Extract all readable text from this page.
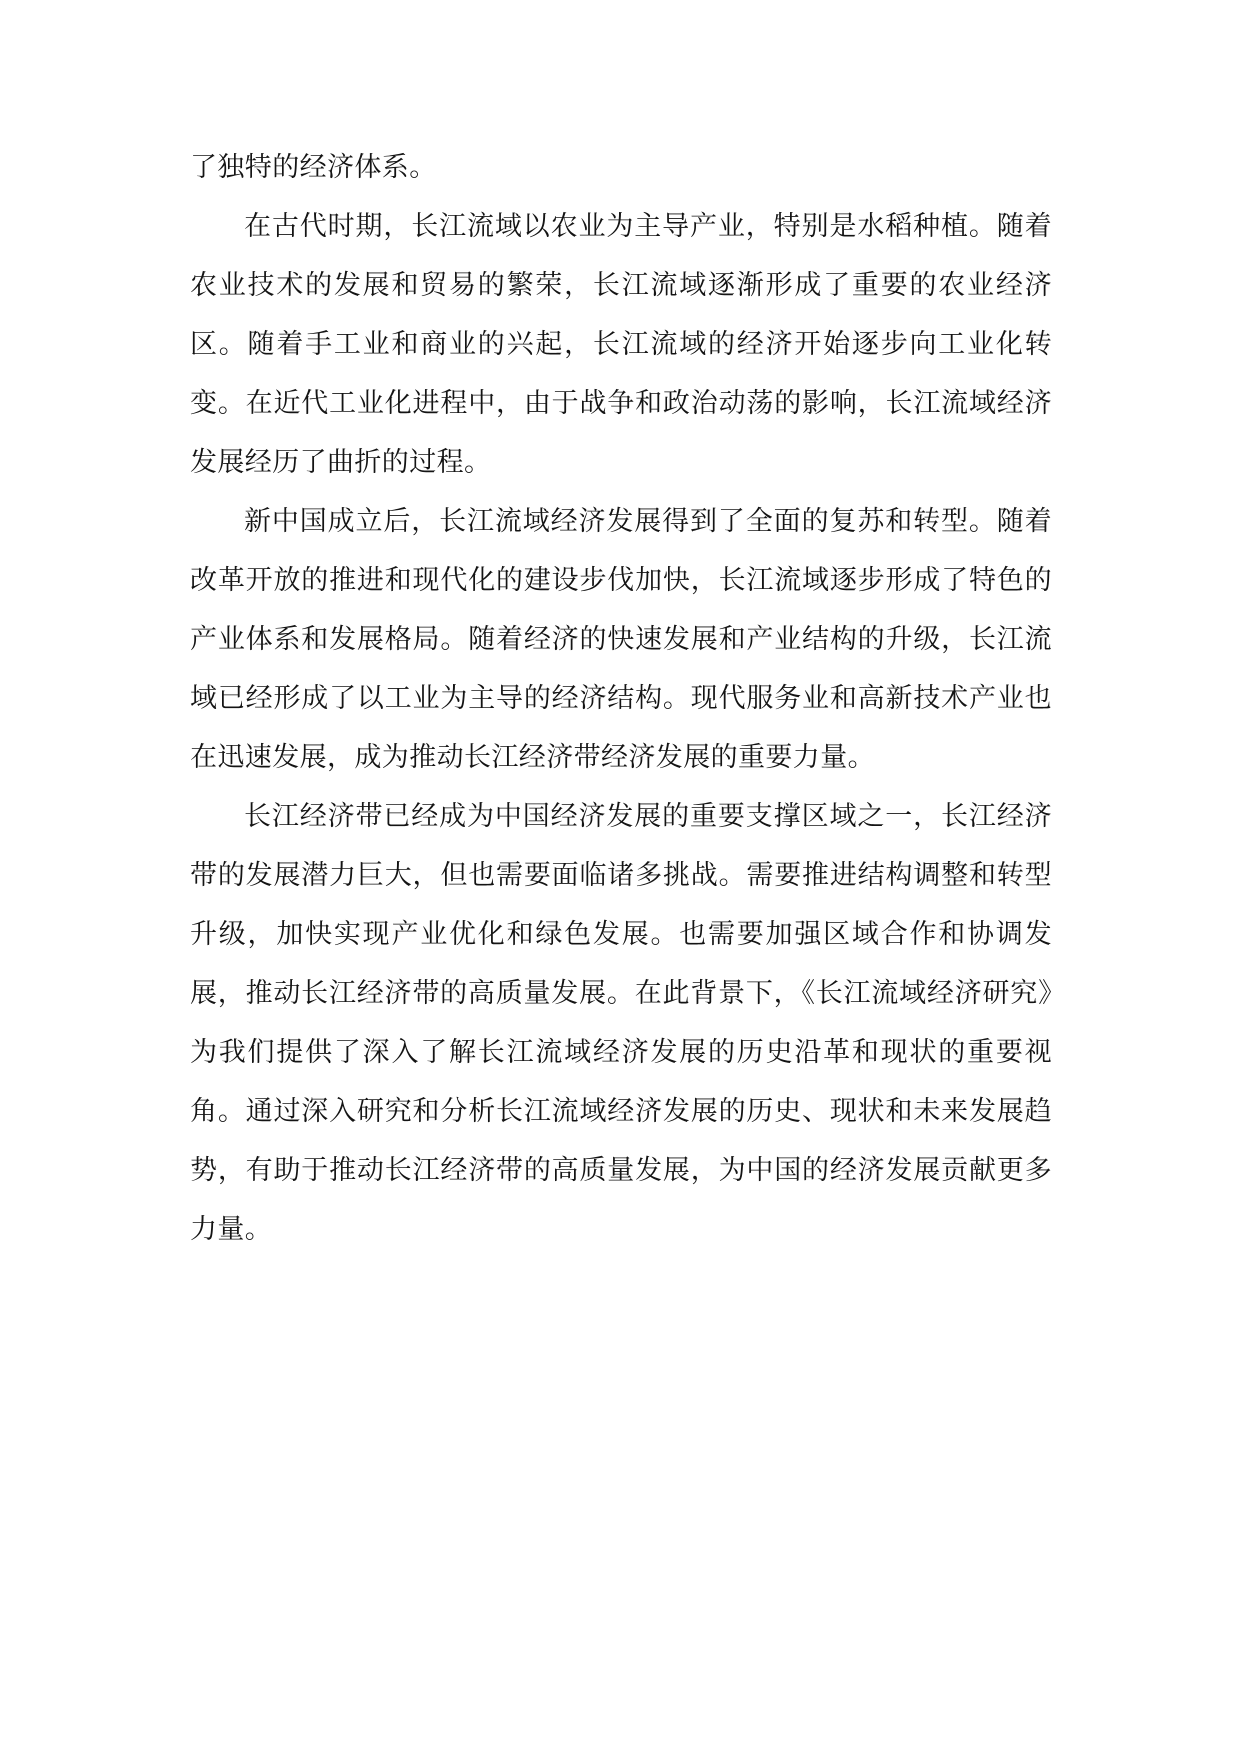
了独特的经济体系。

在古代时期，长江流域以农业为主导产业，特别是水稻种植。随着农业技术的发展和贸易的繁荣，长江流域逐渐形成了重要的农业经济区。随着手工业和商业的兴起，长江流域的经济开始逐步向工业化转变。在近代工业化进程中，由于战争和政治动荡的影响，长江流域经济发展经历了曲折的过程。

新中国成立后，长江流域经济发展得到了全面的复苏和转型。随着改革开放的推进和现代化的建设步伐加快，长江流域逐步形成了特色的产业体系和发展格局。随着经济的快速发展和产业结构的升级，长江流域已经形成了以工业为主导的经济结构。现代服务业和高新技术产业也在迅速发展，成为推动长江经济带经济发展的重要力量。

长江经济带已经成为中国经济发展的重要支撑区域之一，长江经济带的发展潜力巨大，但也需要面临诸多挑战。需要推进结构调整和转型升级，加快实现产业优化和绿色发展。也需要加强区域合作和协调发展，推动长江经济带的高质量发展。在此背景下，《长江流域经济研究》为我们提供了深入了解长江流域经济发展的历史沿革和现状的重要视角。通过深入研究和分析长江流域经济发展的历史、现状和未来发展趋势，有助于推动长江经济带的高质量发展，为中国的经济发展贡献更多力量。
